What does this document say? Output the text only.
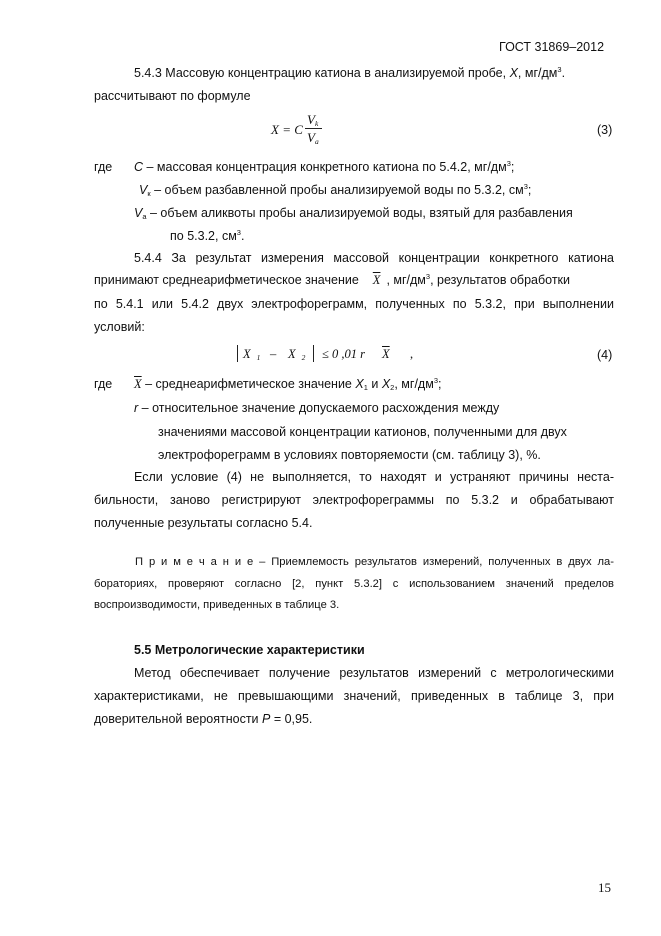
ГОСТ 31869–2012
5.4.3 Массовую концентрацию катиона в анализируемой пробе, X, $мг/дм^3$.
рассчитывают по формуле
X = C
$V_k$
$V_a$
(3)
где C – массовая концентрация конкретного катиона по 5.4.2, $мг/дм^3$;
$V_к$ – объем разбавленной пробы анализируемой воды по 5.3.2, $см^3$;
$V_а$ – объем аликвоты пробы анализируемой воды, взятый для разбавления
по 5.3.2, $см^3$.
5.4.4 За результат измерения массовой концентрации конкретного катиона
принимают среднеарифметическое значение $\overline{X}$ , $мг/дм^3$, результатов обработки
по 5.4.1 или 5.4.2 двух электрофореграмм, полученных по 5.3.2, при выполнении
условий:
X $_1$ – X $_2$ ≤ 0 ,01 r $\overline{X}$ ,	(4)
где $\overline{X}$ – среднеарифметическое значение $X_1$ и $X_2$, $мг/дм^3$;
r – относительное значение допускаемого расхождения между
значениями массовой концентрации катионов, полученными для двух
электрофореграмм в условиях повторяемости (см. таблицу 3), %.
Если условие (4) не выполняется, то находят и устраняют причины неста-
бильности, заново регистрируют электрофореграммы по 5.3.2 и обрабатывают
полученные результаты согласно 5.4.
П р и м е ч а н и е – Приемлемость результатов измерений, полученных в двух ла-
бораториях, проверяют согласно [2, пункт 5.3.2] с использованием значений пределов
воспроизводимости, приведенных в таблице 3.
5.5 Метрологические характеристики
Метод обеспечивает получение результатов измерений с метрологическими
характеристиками, не превышающими значений, приведенных в таблице 3, при
доверительной вероятности P = 0,95.
15
